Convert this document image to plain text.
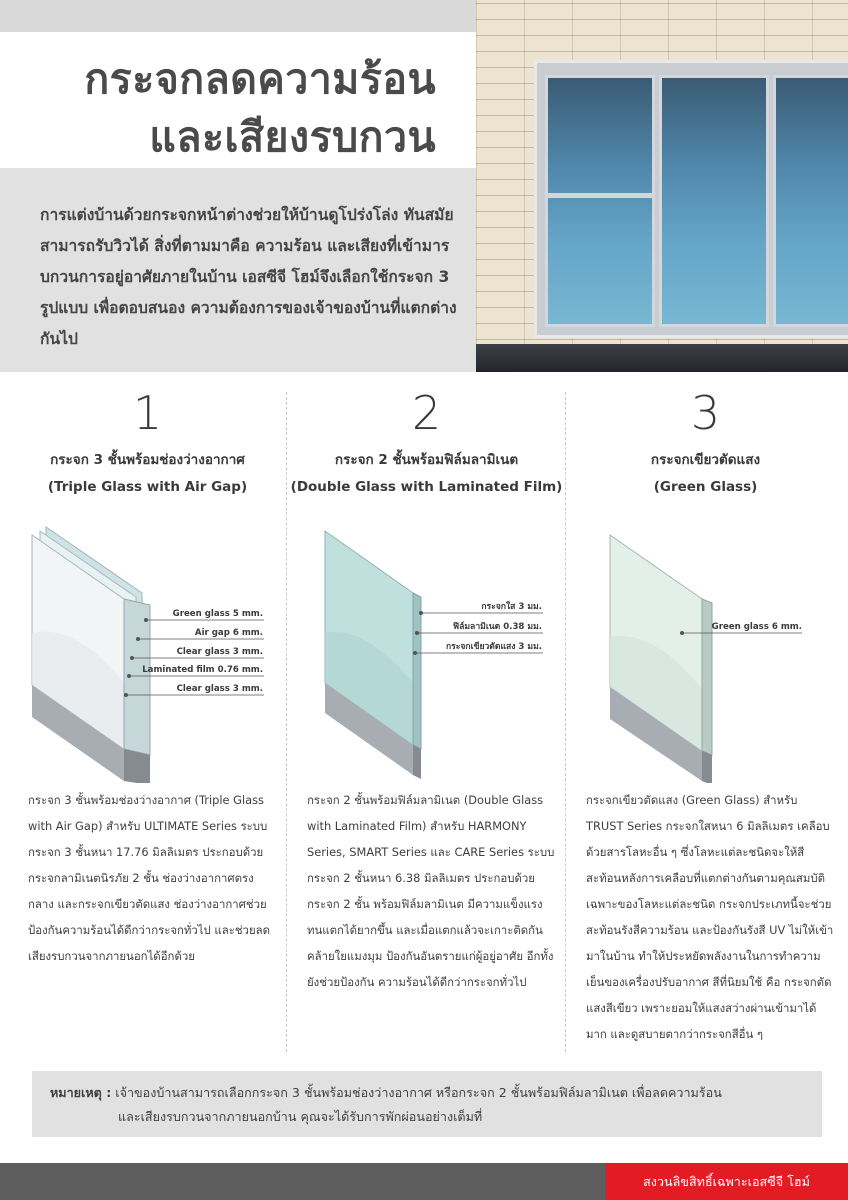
กระจกลดความร้อน
และเสียงรบกวน
การแต่งบ้านด้วยกระจกหน้าต่างช่วยให้บ้านดูโปร่งโล่ง ทันสมัยสามารถรับวิวได้ สิ่งที่ตามมาคือ ความร้อน และเสียงที่เข้ามารบกวนการอยู่อาศัยภายในบ้าน เอสซีจี โฮม์จึงเลือกใช้กระจก 3 รูปแบบ เพื่อตอบสนอง ความต้องการของเจ้าของบ้านที่แตกต่างกันไป
1
กระจก 3 ชั้นพร้อมช่องว่างอากาศ
(Triple Glass with Air Gap)
Green glass 5 mm.
Air gap 6 mm.
Clear glass 3 mm.
Laminated film 0.76 mm.
Clear glass 3 mm.
กระจก 3 ชั้นพร้อมช่องว่างอากาศ (Triple Glass with Air Gap) สำหรับ ULTIMATE Series ระบบกระจก 3 ชั้นหนา 17.76 มิลลิเมตร ประกอบด้วยกระจกลามิเนตนิรภัย 2 ชั้น ช่องว่างอากาศตรงกลาง และกระจกเขียวตัดแสง ช่องว่างอากาศช่วยป้องกันความร้อนได้ดีกว่ากระจกทั่วไป และช่วยลดเสียงรบกวนจากภายนอกได้อีกด้วย
2
กระจก 2 ชั้นพร้อมฟิล์มลามิเนต
(Double Glass with Laminated Film)
กระจกใส 3 มม.
ฟิล์มลามิเนต 0.38 มม.
กระจกเขียวตัดแสง 3 มม.
กระจก 2 ชั้นพร้อมฟิล์มลามิเนต (Double Glass with Laminated Film) สำหรับ HARMONY Series, SMART Series และ CARE Series ระบบกระจก 2 ชั้นหนา 6.38 มิลลิเมตร ประกอบด้วยกระจก 2 ชั้น พร้อมฟิล์มลามิเนต มีความแข็งแรงทนแตกได้ยากขึ้น และเมื่อแตกแล้วจะเกาะติดกันคล้ายใยแมงมุม ป้องกันอันตรายแก่ผู้อยู่อาศัย อีกทั้งยังช่วยป้องกัน ความร้อนได้ดีกว่ากระจกทั่วไป
3
กระจกเขียวตัดแสง
(Green Glass)
Green glass 6 mm.
กระจกเขียวตัดแสง (Green Glass) สำหรับ TRUST Series กระจกใสหนา 6 มิลลิเมตร เคลือบด้วยสารโลหะอื่น ๆ ซึ่งโลหะแต่ละชนิดจะให้สีสะท้อนหลังการเคลือบที่แตกต่างกันตามคุณสมบัติเฉพาะของโลหะแต่ละชนิด กระจกประเภทนี้จะช่วยสะท้อนรังสีความร้อน และป้องกันรังสี UV ไม่ให้เข้ามาในบ้าน ทำให้ประหยัดพลังงานในการทำความเย็นของเครื่องปรับอากาศ สีที่นิยมใช้ คือ กระจกตัดแสงสีเขียว เพราะยอมให้แสงสว่างผ่านเข้ามาได้มาก และดูสบายตากว่ากระจกสีอื่น ๆ
หมายเหตุ : เจ้าของบ้านสามารถเลือกกระจก 3 ชั้นพร้อมช่องว่างอากาศ หรือกระจก 2 ชั้นพร้อมฟิล์มลามิเนต เพื่อลดความร้อน
และเสียงรบกวนจากภายนอกบ้าน คุณจะได้รับการพักผ่อนอย่างเต็มที่
สงวนลิขสิทธิ์เฉพาะเอสซีจี โฮม์
